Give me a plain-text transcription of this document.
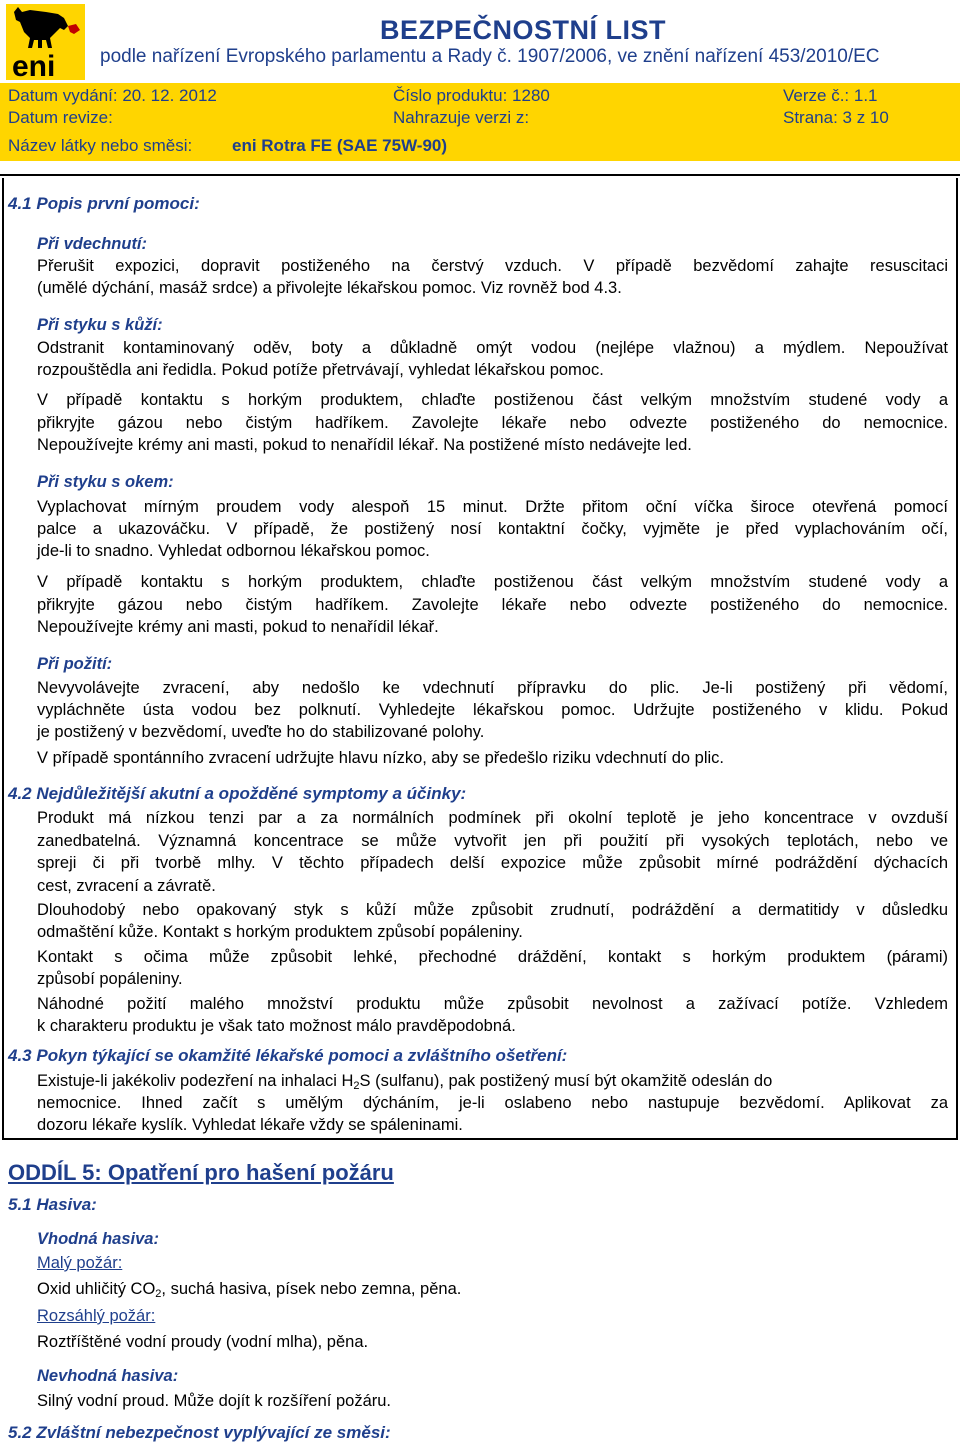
eni
BEZPEČNOSTNÍ LIST
podle nařízení Evropského parlamentu a Rady č. 1907/2006, ve znění nařízení 453/2010/EC
Datum vydání: 20. 12. 2012	Číslo produktu: 1280	Verze č.: 1.1
Datum revize:	Nahrazuje verzi z:	Strana: 3 z 10
Název látky nebo směsi: eni Rotra FE (SAE 75W-90)
4.1 Popis první pomoci:
Při vdechnutí:
Přerušit expozici, dopravit postiženého na čerstvý vzduch. V případě bezvědomí zahajte resuscitaci
(umělé dýchání, masáž srdce) a přivolejte lékařskou pomoc. Viz rovněž bod 4.3.
Při styku s kůží:
Odstranit kontaminovaný oděv, boty a důkladně omýt vodou (nejlépe vlažnou) a mýdlem. Nepoužívat
rozpouštědla ani ředidla. Pokud potíže přetrvávají, vyhledat lékařskou pomoc.
V případě kontaktu s horkým produktem, chlaďte postiženou část velkým množstvím studené vody a
přikryjte gázou nebo čistým hadříkem. Zavolejte lékaře nebo odvezte postiženého do nemocnice.
Nepoužívejte krémy ani masti, pokud to nenařídil lékař. Na postižené místo nedávejte led.
Při styku s okem:
Vyplachovat mírným proudem vody alespoň 15 minut. Držte přitom oční víčka široce otevřená pomocí
palce a ukazováčku. V případě, že postižený nosí kontaktní čočky, vyjměte je před vyplachováním očí,
jde-li to snadno. Vyhledat odbornou lékařskou pomoc.
V případě kontaktu s horkým produktem, chlaďte postiženou část velkým množstvím studené vody a
přikryjte gázou nebo čistým hadříkem. Zavolejte lékaře nebo odvezte postiženého do nemocnice.
Nepoužívejte krémy ani masti, pokud to nenařídil lékař.
Při požití:
Nevyvolávejte zvracení, aby nedošlo ke vdechnutí přípravku do plic. Je-li postižený při vědomí,
vypláchněte ústa vodou bez polknutí. Vyhledejte lékařskou pomoc. Udržujte postiženého v klidu. Pokud
je postižený v bezvědomí, uveďte ho do stabilizované polohy.
V případě spontánního zvracení udržujte hlavu nízko, aby se předešlo riziku vdechnutí do plic.
4.2 Nejdůležitější akutní a opožděné symptomy a účinky:
Produkt má nízkou tenzi par a za normálních podmínek při okolní teplotě je jeho koncentrace v ovzduší
zanedbatelná. Významná koncentrace se může vytvořit jen při použití při vysokých teplotách, nebo ve
spreji či při tvorbě mlhy. V těchto případech delší expozice může způsobit mírné podráždění dýchacích
cest, zvracení a závratě.
Dlouhodobý nebo opakovaný styk s kůží může způsobit zrudnutí, podráždění a dermatitidy v důsledku
odmaštění kůže. Kontakt s horkým produktem způsobí popáleniny.
Kontakt s očima může způsobit lehké, přechodné dráždění, kontakt s horkým produktem (párami)
způsobí popáleniny.
Náhodné požití malého množství produktu může způsobit nevolnost a zažívací potíže. Vzhledem
k charakteru produktu je však tato možnost málo pravděpodobná.
4.3 Pokyn týkající se okamžité lékařské pomoci a zvláštního ošetření:
Existuje-li jakékoliv podezření na inhalaci $H_2S$ (sulfanu), pak postižený musí být okamžitě odeslán do
nemocnice. Ihned začít s umělým dýcháním, je-li oslabeno nebo nastupuje bezvědomí. Aplikovat za
dozoru lékaře kyslík. Vyhledat lékaře vždy se spáleninami.
ODDÍL 5: Opatření pro hašení požáru
5.1 Hasiva:
Vhodná hasiva:
Malý požár:
Oxid uhličitý $CO_2$, suchá hasiva, písek nebo zemna, pěna.
Rozsáhlý požár:
Roztříštěné vodní proudy (vodní mlha), pěna.
Nevhodná hasiva:
Silný vodní proud. Může dojít k rozšíření požáru.
5.2 Zvláštní nebezpečnost vyplývající ze směsi:
